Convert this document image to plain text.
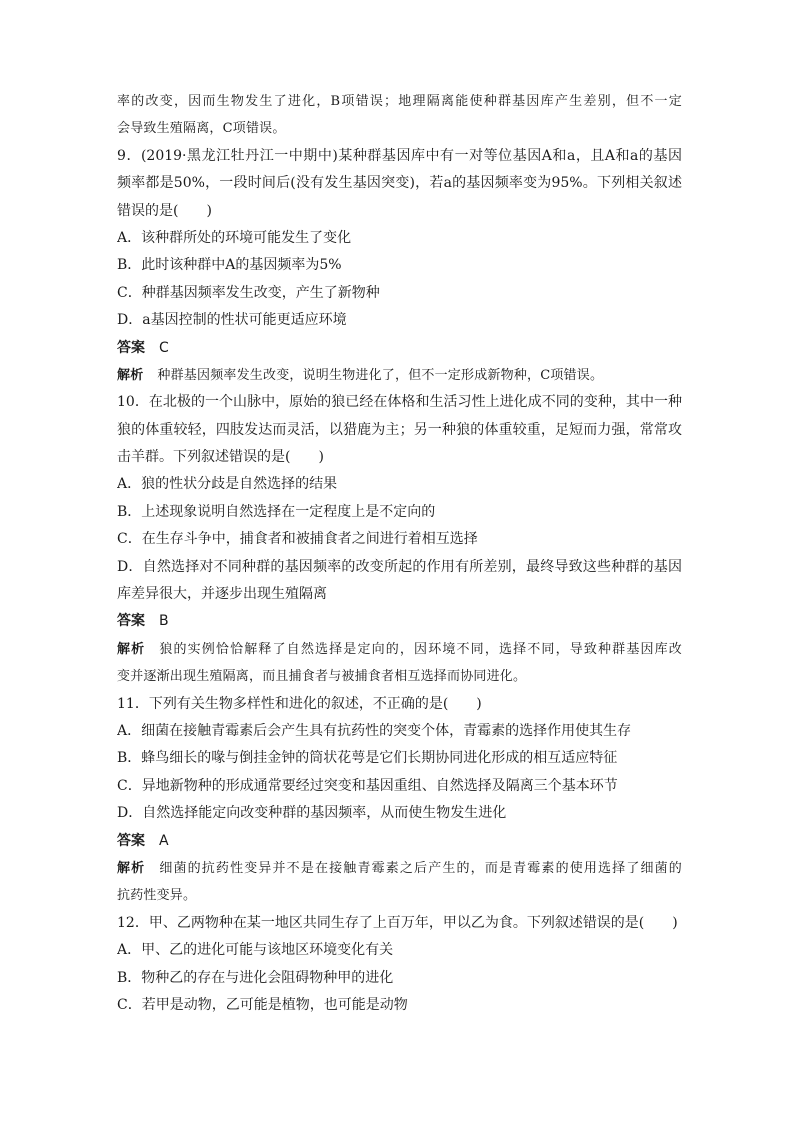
率的改变，因而生物发生了进化，B项错误；地理隔离能使种群基因库产生差别，但不一定
会导致生殖隔离，C项错误。
9．(2019·黑龙江牡丹江一中期中)某种群基因库中有一对等位基因A和a，且A和a的基因
频率都是50%，一段时间后(没有发生基因突变)，若a的基因频率变为95%。下列相关叙述
错误的是(　　)
A．该种群所处的环境可能发生了变化
B．此时该种群中A的基因频率为5%
C．种群基因频率发生改变，产生了新物种
D．a基因控制的性状可能更适应环境
答案 C
解析 种群基因频率发生改变，说明生物进化了，但不一定形成新物种，C项错误。
10．在北极的一个山脉中，原始的狼已经在体格和生活习性上进化成不同的变种，其中一种
狼的体重较轻，四肢发达而灵活，以猎鹿为主；另一种狼的体重较重，足短而力强，常常攻
击羊群。下列叙述错误的是(　　)
A．狼的性状分歧是自然选择的结果
B．上述现象说明自然选择在一定程度上是不定向的
C．在生存斗争中，捕食者和被捕食者之间进行着相互选择
D．自然选择对不同种群的基因频率的改变所起的作用有所差别，最终导致这些种群的基因
库差异很大，并逐步出现生殖隔离
答案 B
解析 狼的实例恰恰解释了自然选择是定向的，因环境不同，选择不同，导致种群基因库改
变并逐渐出现生殖隔离，而且捕食者与被捕食者相互选择而协同进化。
11．下列有关生物多样性和进化的叙述，不正确的是(　　)
A．细菌在接触青霉素后会产生具有抗药性的突变个体，青霉素的选择作用使其生存
B．蜂鸟细长的喙与倒挂金钟的筒状花萼是它们长期协同进化形成的相互适应特征
C．异地新物种的形成通常要经过突变和基因重组、自然选择及隔离三个基本环节
D．自然选择能定向改变种群的基因频率，从而使生物发生进化
答案 A
解析 细菌的抗药性变异并不是在接触青霉素之后产生的，而是青霉素的使用选择了细菌的
抗药性变异。
12．甲、乙两物种在某一地区共同生存了上百万年，甲以乙为食。下列叙述错误的是(　　)
A．甲、乙的进化可能与该地区环境变化有关
B．物种乙的存在与进化会阻碍物种甲的进化
C．若甲是动物，乙可能是植物，也可能是动物
